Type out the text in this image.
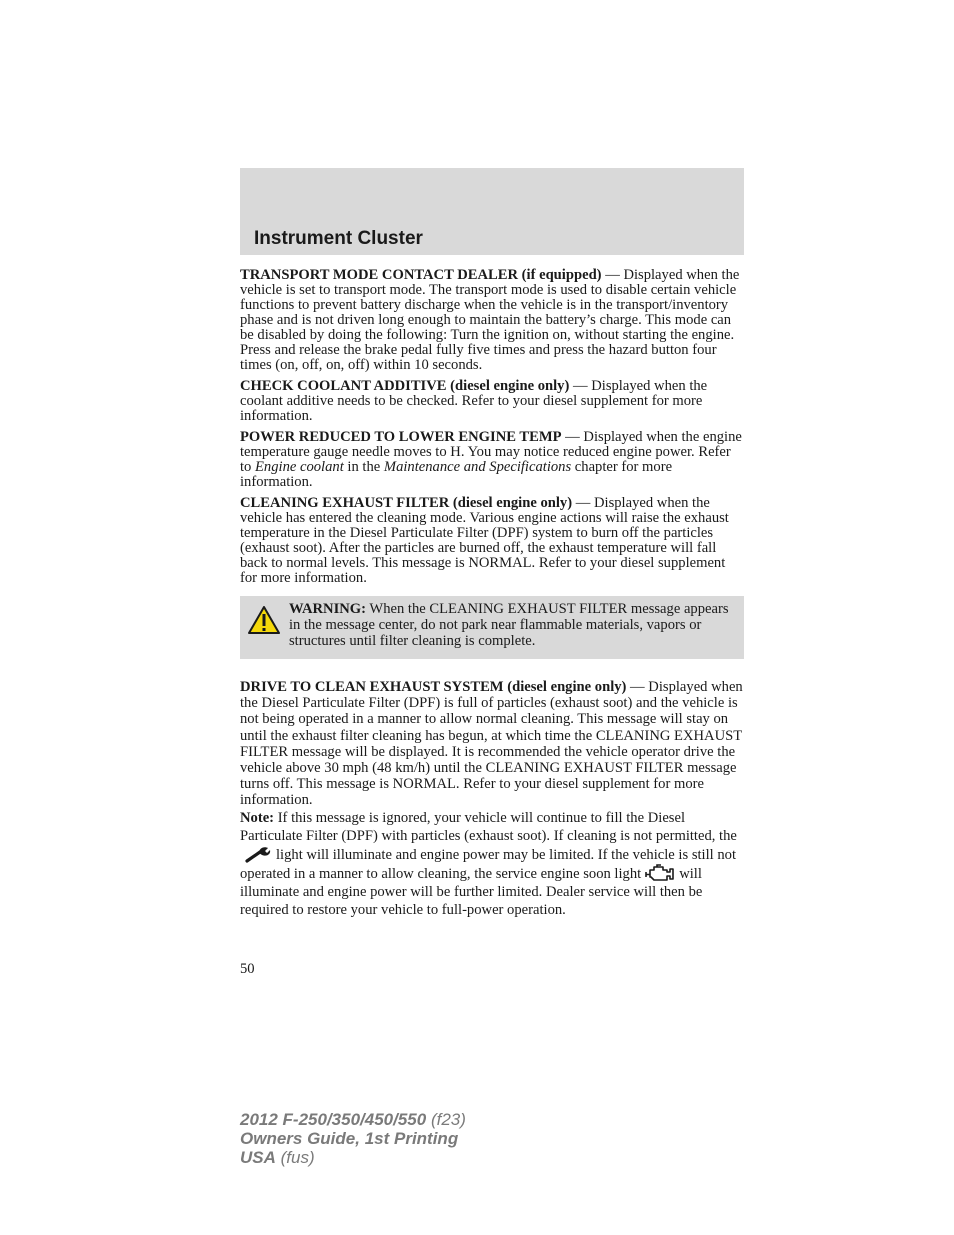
Instrument Cluster

TRANSPORT MODE CONTACT DEALER (if equipped) — Displayed when the vehicle is set to transport mode. The transport mode is used to disable certain vehicle functions to prevent battery discharge when the vehicle is in the transport/inventory phase and is not driven long enough to maintain the battery’s charge. This mode can be disabled by doing the following: Turn the ignition on, without starting the engine. Press and release the brake pedal fully five times and press the hazard button four times (on, off, on, off) within 10 seconds.

CHECK COOLANT ADDITIVE (diesel engine only) — Displayed when the coolant additive needs to be checked. Refer to your diesel supplement for more information.

POWER REDUCED TO LOWER ENGINE TEMP — Displayed when the engine temperature gauge needle moves to H. You may notice reduced engine power. Refer to Engine coolant in the Maintenance and Specifications chapter for more information.

CLEANING EXHAUST FILTER (diesel engine only) — Displayed when the vehicle has entered the cleaning mode. Various engine actions will raise the exhaust temperature in the Diesel Particulate Filter (DPF) system to burn off the particles (exhaust soot). After the particles are burned off, the exhaust temperature will fall back to normal levels. This message is NORMAL. Refer to your diesel supplement for more information.

WARNING: When the CLEANING EXHAUST FILTER message appears in the message center, do not park near flammable materials, vapors or structures until filter cleaning is complete.

DRIVE TO CLEAN EXHAUST SYSTEM (diesel engine only) — Displayed when the Diesel Particulate Filter (DPF) is full of particles (exhaust soot) and the vehicle is not being operated in a manner to allow normal cleaning. This message will stay on until the exhaust filter cleaning has begun, at which time the CLEANING EXHAUST FILTER message will be displayed. It is recommended the vehicle operator drive the vehicle above 30 mph (48 km/h) until the CLEANING EXHAUST FILTER message turns off. This message is NORMAL. Refer to your diesel supplement for more information.

Note: If this message is ignored, your vehicle will continue to fill the Diesel Particulate Filter (DPF) with particles (exhaust soot). If cleaning is not permitted, thelight will illuminate and engine power may be limited. If the vehicle is still not operated in a manner to allow cleaning, the service engine soon light	will illuminate and engine power will be further limited. Dealer service will then be required to restore your vehicle to full-power operation.

50
2012 F-250/350/450/550 (f23)
Owners Guide, 1st Printing
USA (fus)
